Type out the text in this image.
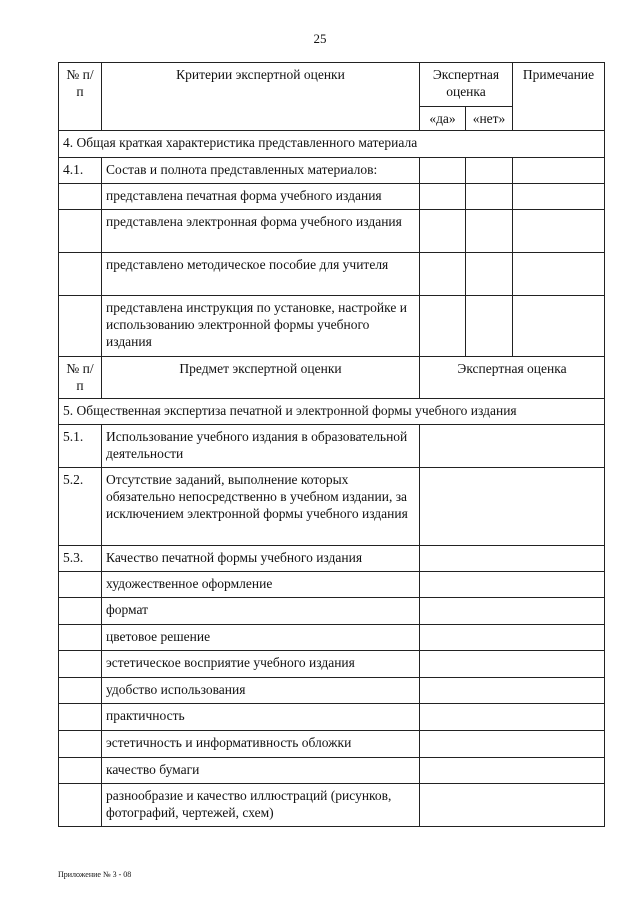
25
№ п/п	Критерии экспертной оценки	Экспертная оценка		Примечание
		«да»	«нет»	
4. Общая краткая характеристика представленного материала				
4.1.	Состав и полнота представленных материалов:			
	представлена печатная форма учебного издания			
	представлена электронная форма учебного издания			
	представлено методическое пособие для учителя			
	представлена инструкция по установке, настройке и использованию электронной формы учебного издания			
№ п/п	Предмет экспертной оценки	Экспертная оценка		
5. Общественная экспертиза печатной и электронной формы учебного издания				
5.1.	Использование учебного издания в образовательной деятельности			
5.2.	Отсутствие заданий, выполнение которых обязательно непосредственно в учебном издании, за исключением электронной формы учебного издания			
5.3.	Качество печатной формы учебного издания			
	художественное оформление			
	формат			
	цветовое решение			
	эстетическое восприятие учебного издания			
	удобство использования			
	практичность			
	эстетичность и информативность обложки			
	качество бумаги			
	разнообразие и качество иллюстраций (рисунков, фотографий, чертежей, схем)			
Приложение № 3 - 08
